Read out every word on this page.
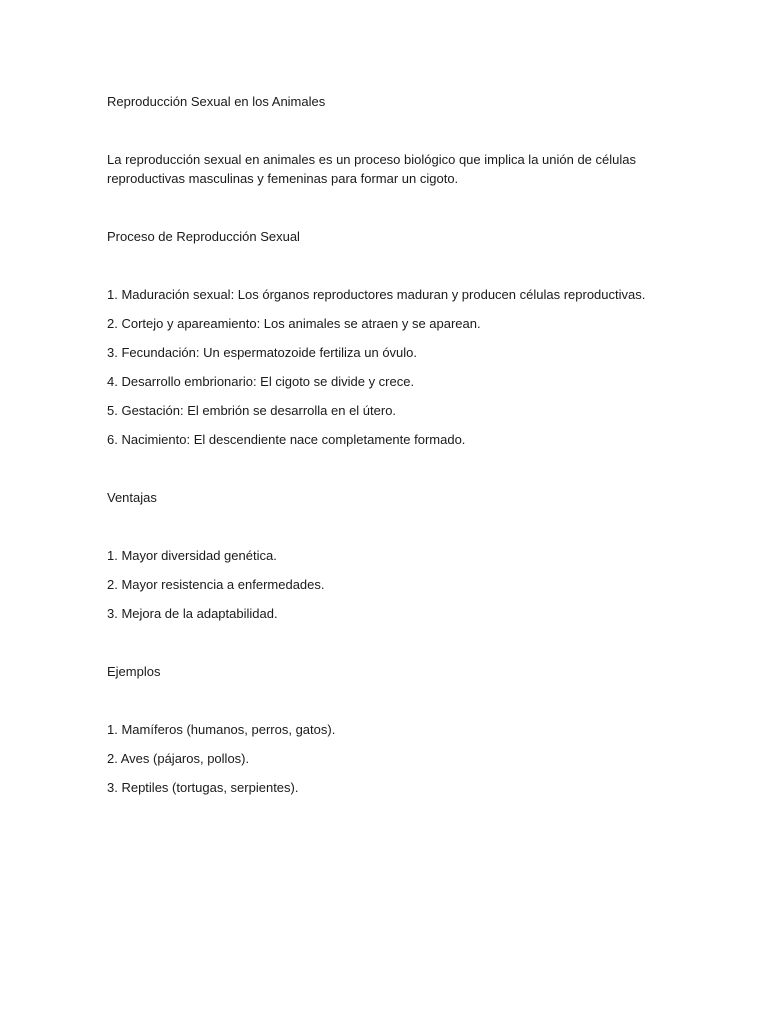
Reproducción Sexual en los Animales

La reproducción sexual en animales es un proceso biológico que implica la unión de células reproductivas masculinas y femeninas para formar un cigoto.

Proceso de Reproducción Sexual

1. Maduración sexual: Los órganos reproductores maduran y producen células reproductivas.

2. Cortejo y apareamiento: Los animales se atraen y se aparean.

3. Fecundación: Un espermatozoide fertiliza un óvulo.

4. Desarrollo embrionario: El cigoto se divide y crece.

5. Gestación: El embrión se desarrolla en el útero.

6. Nacimiento: El descendiente nace completamente formado.

Ventajas

1. Mayor diversidad genética.

2. Mayor resistencia a enfermedades.

3. Mejora de la adaptabilidad.

Ejemplos

1. Mamíferos (humanos, perros, gatos).

2. Aves (pájaros, pollos).

3. Reptiles (tortugas, serpientes).
